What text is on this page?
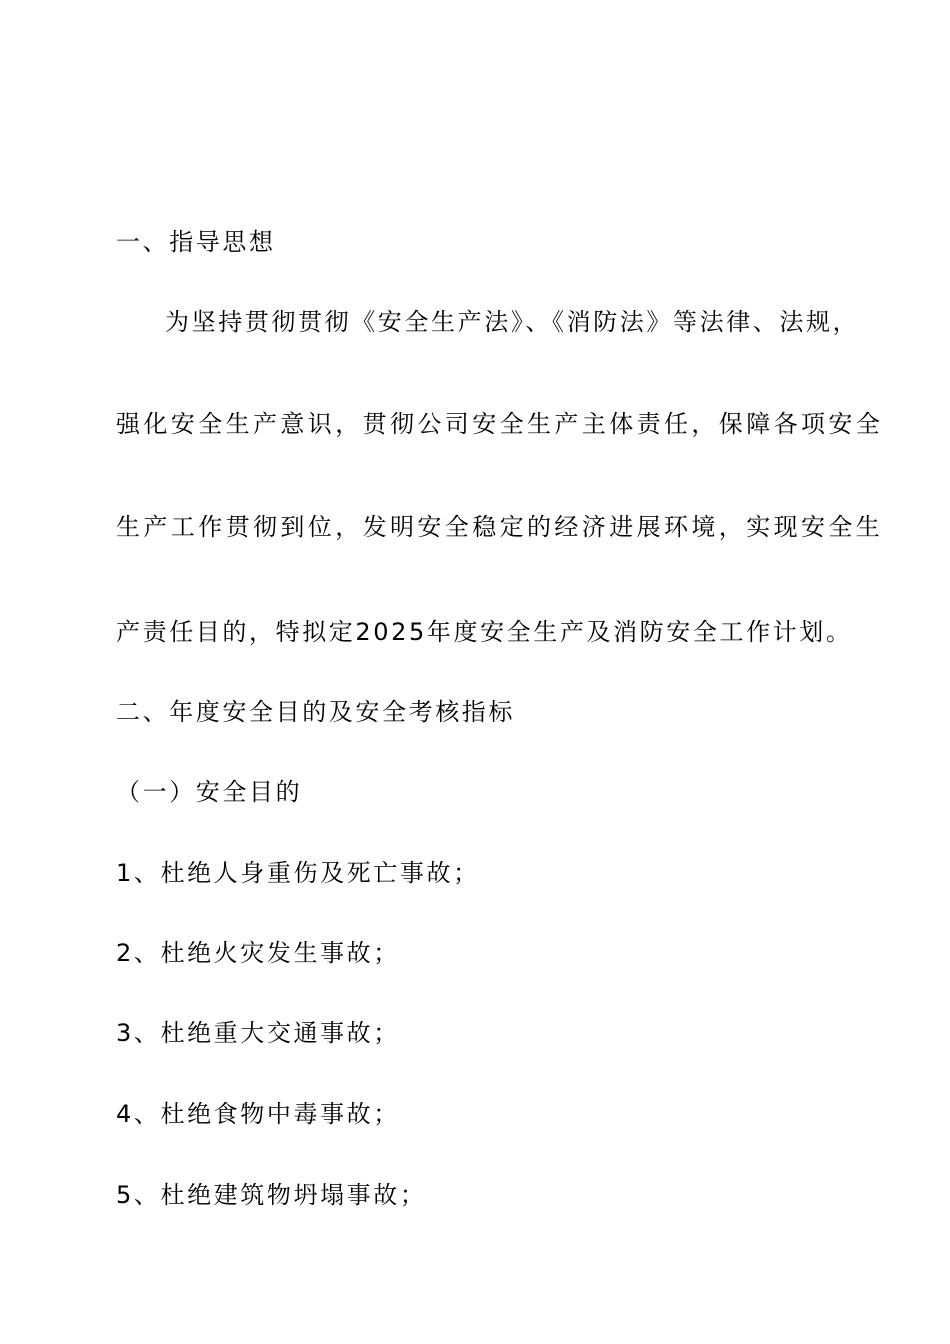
一、指导思想

为坚持贯彻贯彻《安全生产法》、《消防法》等法律、法规，

强化安全生产意识，贯彻公司安全生产主体责任，保障各项安全

生产工作贯彻到位，发明安全稳定的经济进展环境，实现安全生

产责任目的，特拟定2025年度安全生产及消防安全工作计划。

二、年度安全目的及安全考核指标

（一）安全目的

1、杜绝人身重伤及死亡事故；

2、杜绝火灾发生事故；

3、杜绝重大交通事故；

4、杜绝食物中毒事故；

5、杜绝建筑物坍塌事故；
